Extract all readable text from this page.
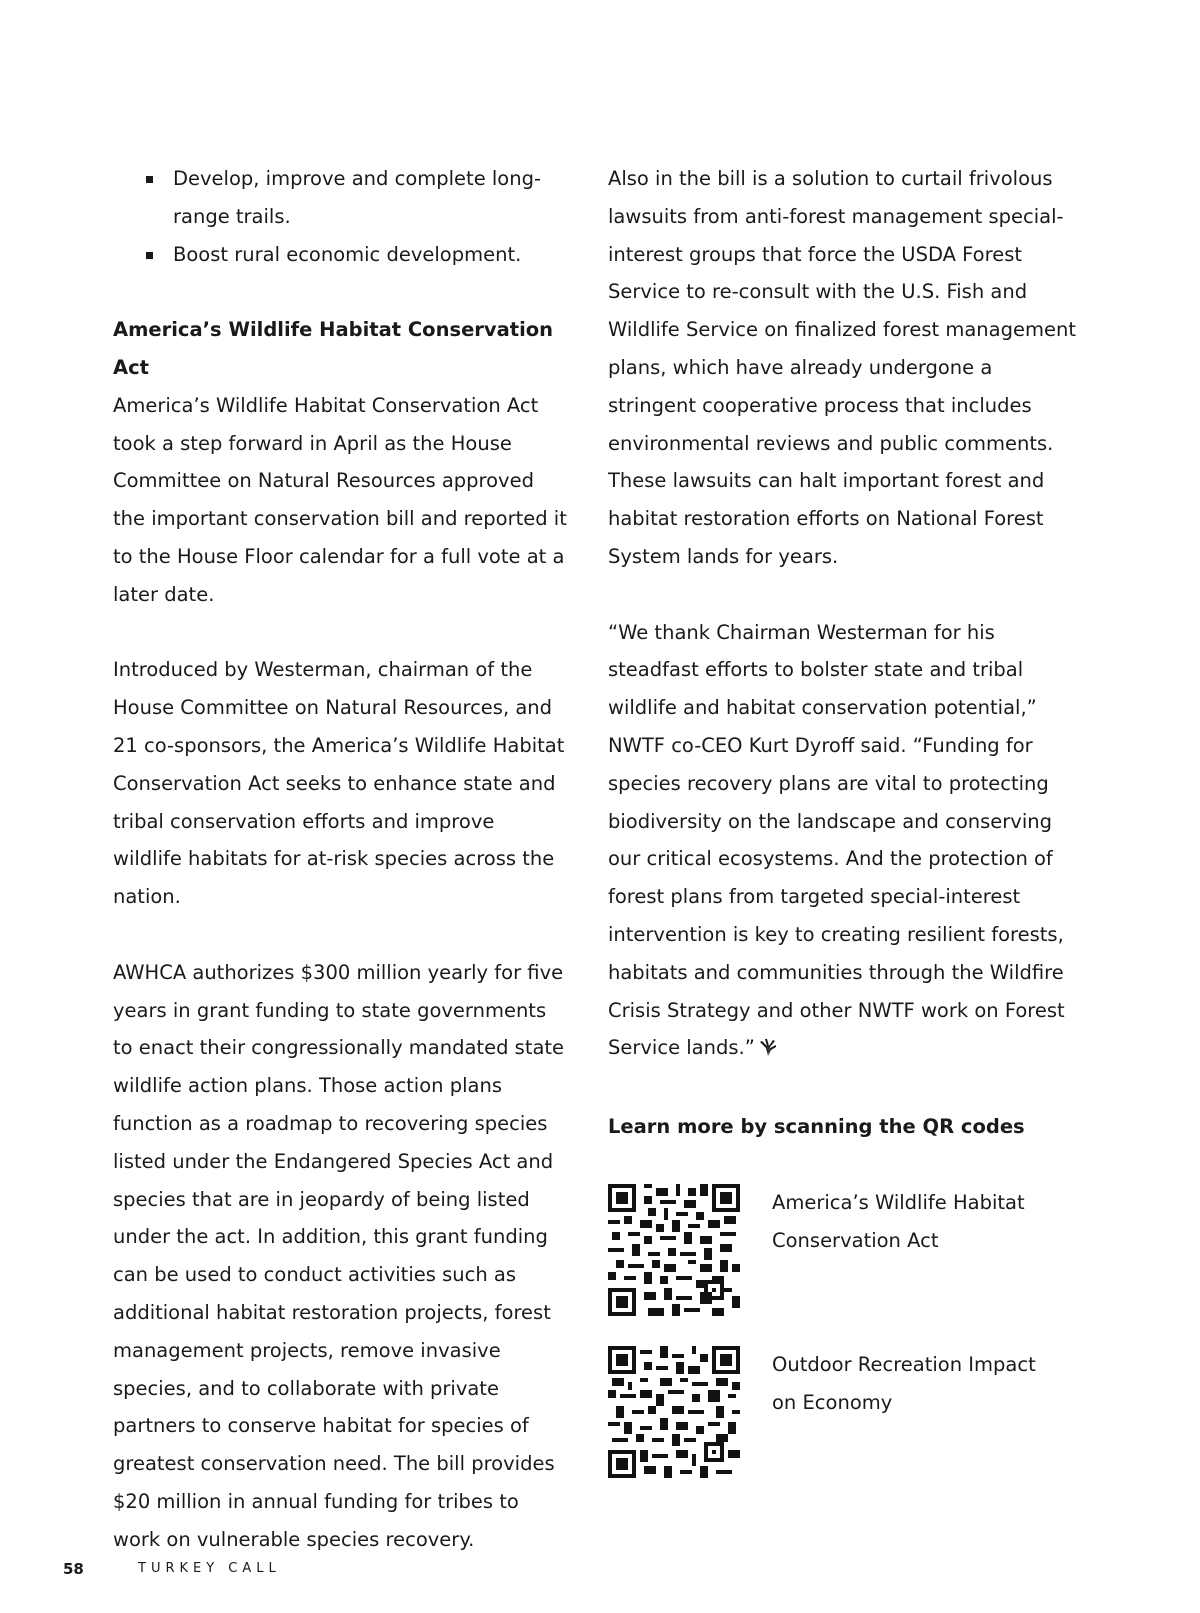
Develop, improve and complete long-range trails.
Boost rural economic development.

America’s Wildlife Habitat Conservation Act

America’s Wildlife Habitat Conservation Act took a step forward in April as the House Committee on Natural Resources approved the important conservation bill and reported it to the House Floor calendar for a full vote at a later date.

Introduced by Westerman, chairman of the House Committee on Natural Resources, and 21 co-sponsors, the America’s Wildlife Habitat Conservation Act seeks to enhance state and tribal conservation efforts and improve wildlife habitats for at-risk species across the nation.

AWHCA authorizes $300 million yearly for five years in grant funding to state governments to enact their congressionally mandated state wildlife action plans. Those action plans function as a roadmap to recovering species listed under the Endangered Species Act and species that are in jeopardy of being listed under the act. In addition, this grant funding can be used to conduct activities such as additional habitat restoration projects, forest management projects, remove invasive species, and to collaborate with private partners to conserve habitat for species of greatest conservation need. The bill provides $20 million in annual funding for tribes to work on vulnerable species recovery.

Also in the bill is a solution to curtail frivolous lawsuits from anti-forest management special-interest groups that force the USDA Forest Service to re-consult with the U.S. Fish and Wildlife Service on finalized forest management plans, which have already undergone a stringent cooperative process that includes environmental reviews and public comments. These lawsuits can halt important forest and habitat restoration efforts on National Forest System lands for years.

“We thank Chairman Westerman for his steadfast efforts to bolster state and tribal wildlife and habitat conservation potential,” NWTF co-CEO Kurt Dyroff said. “Funding for species recovery plans are vital to protecting biodiversity on the landscape and conserving our critical ecosystems. And the protection of forest plans from targeted special-interest intervention is key to creating resilient forests, habitats and communities through the Wildfire Crisis Strategy and other NWTF work on Forest Service lands.”

Learn more by scanning the QR codes

America’s Wildlife Habitat Conservation Act
Outdoor Recreation Impact on Economy
58	TURKEY CALL
